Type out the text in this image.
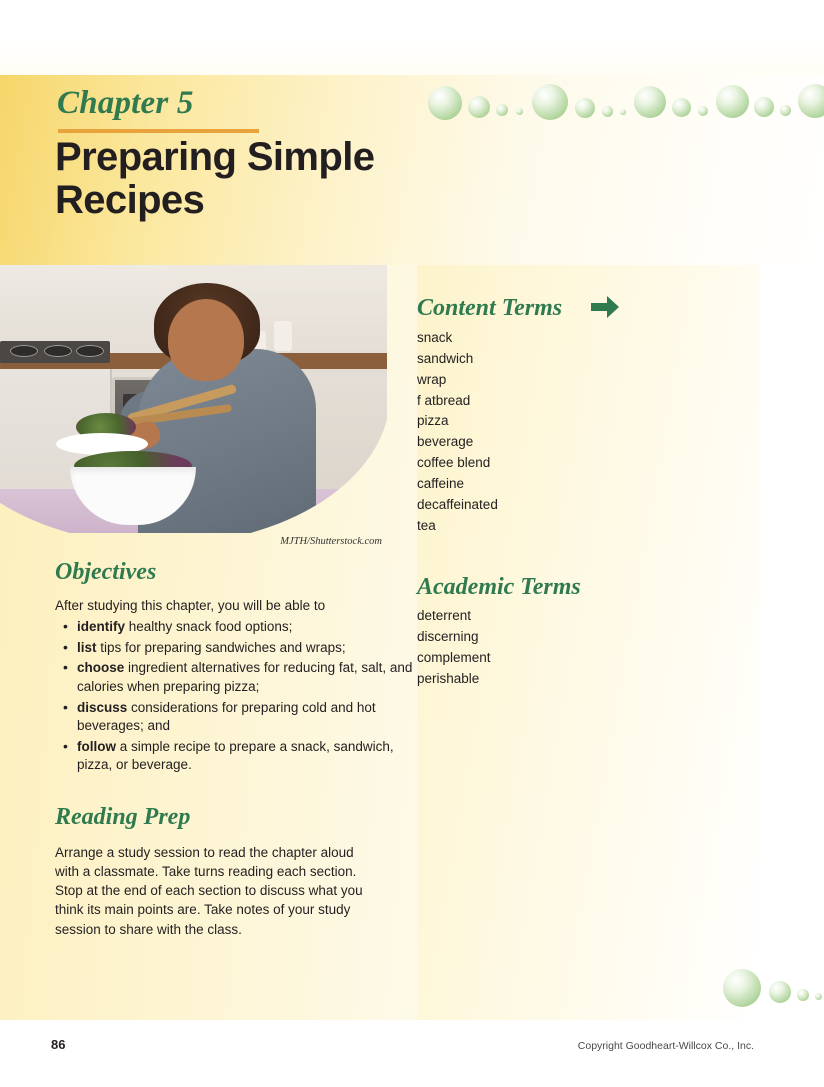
Chapter 5
Preparing Simple Recipes
MJTH/Shutterstock.com
Objectives
After studying this chapter, you will be able to
• identify healthy snack food options;
• list tips for preparing sandwiches and wraps;
• choose ingredient alternatives for reducing fat, salt, and calories when preparing pizza;
• discuss considerations for preparing cold and hot beverages; and
• follow a simple recipe to prepare a snack, sandwich, pizza, or beverage.
Reading Prep
Arrange a study session to read the chapter aloud with a classmate. Take turns reading each section. Stop at the end of each section to discuss what you think its main points are. Take notes of your study session to share with the class.
Content Terms
snack
sandwich
wrap
f atbread
pizza
beverage
coffee blend
caffeine
decaffeinated
tea
Academic Terms
deterrent
discerning
complement
perishable
86	Copyright Goodheart-Willcox Co., Inc.
